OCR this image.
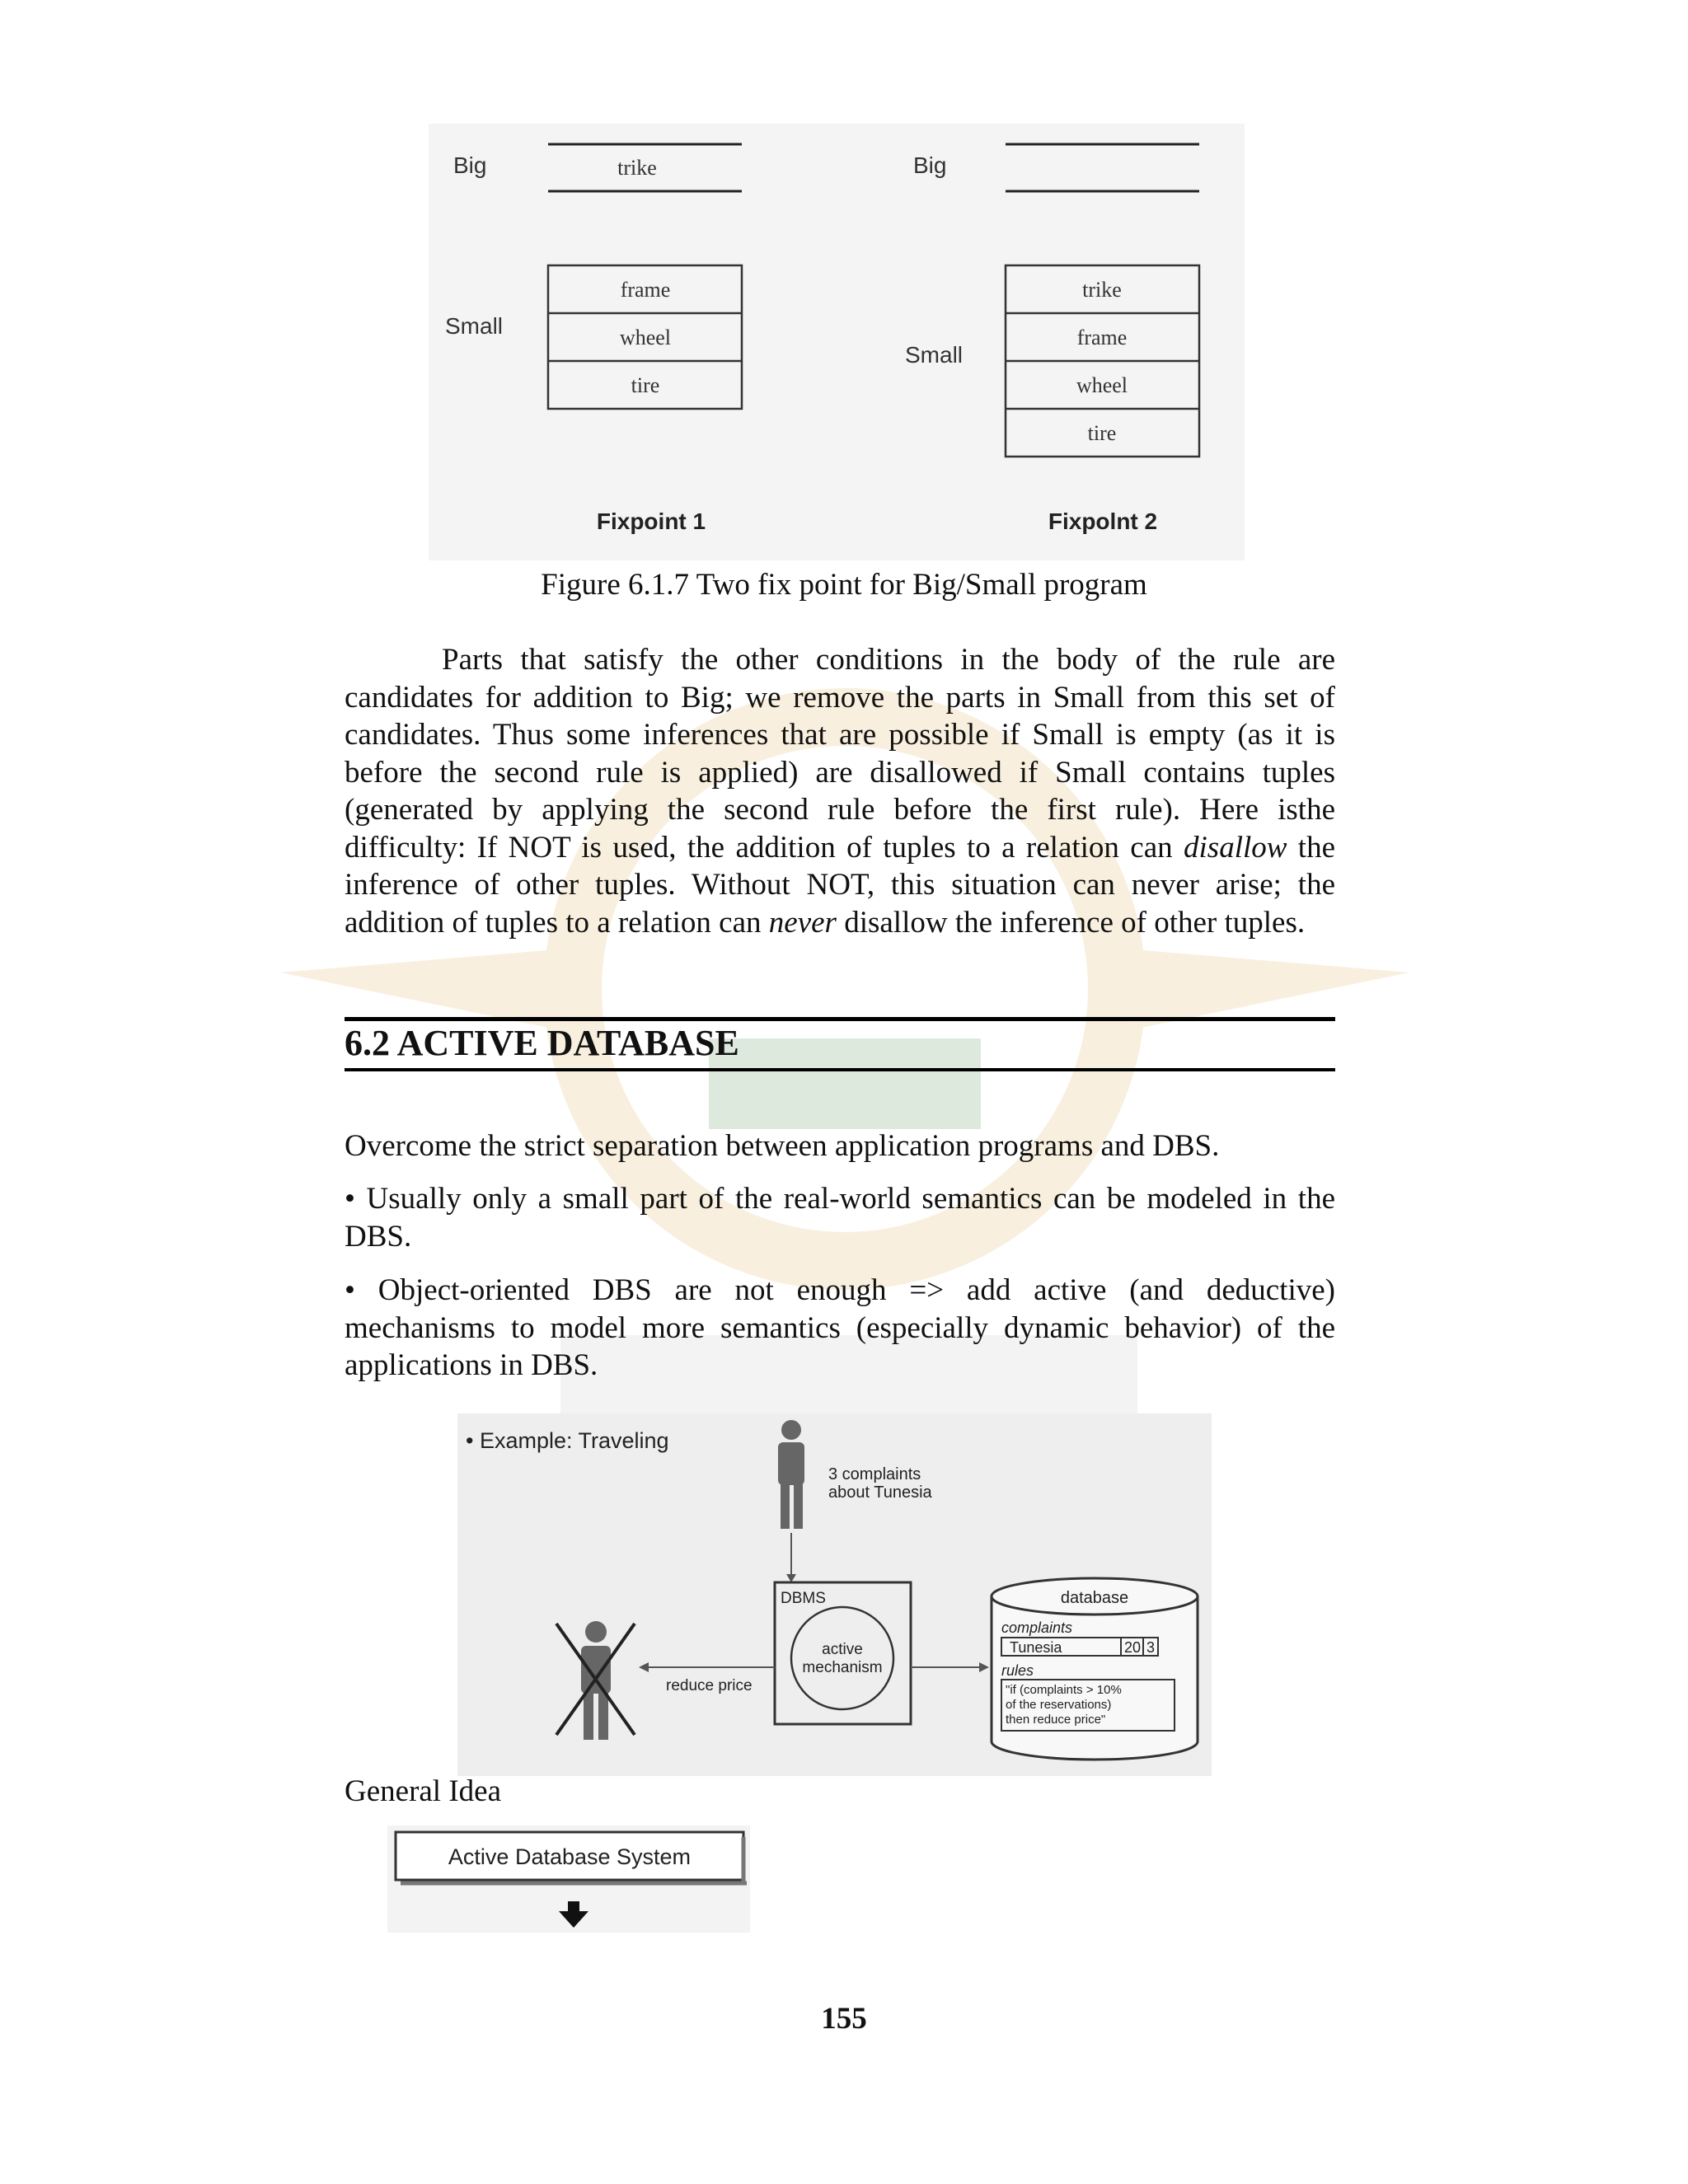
Big	trike
Small
frame
wheel
tire
Fixpoint 1
Big
Small
trike
frame
wheel
tire
Fixpolnt 2
Figure 6.1.7 Two fix point for Big/Small program

Parts that satisfy the other conditions in the body of the rule are candidates for addition to Big; we remove the parts in Small from this set of candidates. Thus some inferences that are possible if Small is empty (as it is before the second rule is applied) are disallowed if Small contains tuples (generated by applying the second rule before the first rule). Here isthe difficulty: If NOT is used, the addition of tuples to a relation can disallow the inference of other tuples. Without NOT, this situation can never arise; the addition of tuples to a relation can never disallow the inference of other tuples.

6.2 ACTIVE DATABASE

Overcome the strict separation between application programs and DBS.

• Usually only a small part of the real-world semantics can be modeled in the DBS.

• Object-oriented DBS are not enough => add active (and deductive) mechanisms to model more semantics (especially dynamic behavior) of the applications in DBS.

• Example: Traveling
3 complaints
about Tunesia
DBMS
active
mechanism
reduce price
database
complaints
Tunesia	20 3
rules
"if (complaints > 10%
of the reservations)
then reduce price"
General Idea
Active Database System
155
